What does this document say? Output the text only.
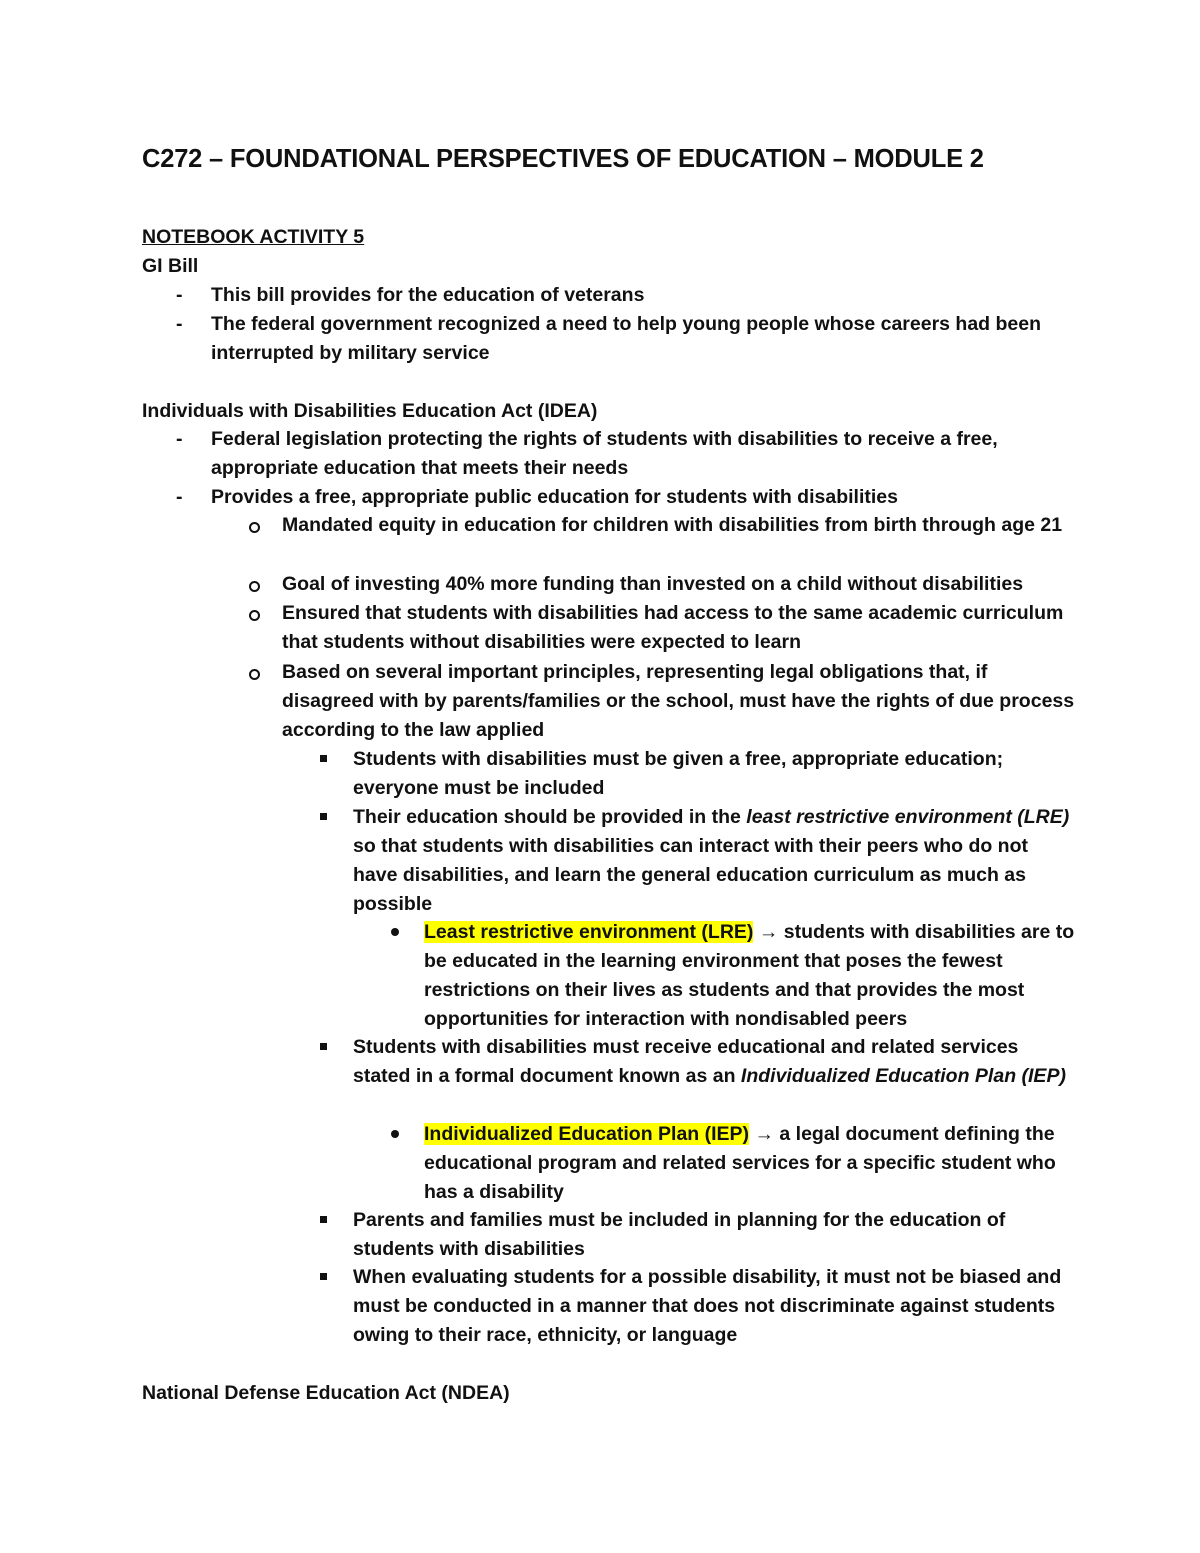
C272 – FOUNDATIONAL PERSPECTIVES OF EDUCATION – MODULE 2
NOTEBOOK ACTIVITY 5
GI Bill
- This bill provides for the education of veterans
- The federal government recognized a need to help young people whose careers had been interrupted by military service
Individuals with Disabilities Education Act (IDEA)
- Federal legislation protecting the rights of students with disabilities to receive a free, appropriate education that meets their needs
- Provides a free, appropriate public education for students with disabilities
Mandated equity in education for children with disabilities from birth through age 21
Goal of investing 40% more funding than invested on a child without disabilities
Ensured that students with disabilities had access to the same academic curriculum that students without disabilities were expected to learn
Based on several important principles, representing legal obligations that, if disagreed with by parents/families or the school, must have the rights of due process according to the law applied
Students with disabilities must be given a free, appropriate education; everyone must be included
Their education should be provided in the least restrictive environment (LRE) so that students with disabilities can interact with their peers who do not have disabilities, and learn the general education curriculum as much as possible
Least restrictive environment (LRE) → students with disabilities are to be educated in the learning environment that poses the fewest restrictions on their lives as students and that provides the most opportunities for interaction with nondisabled peers
Students with disabilities must receive educational and related services stated in a formal document known as an Individualized Education Plan (IEP)
Individualized Education Plan (IEP) → a legal document defining the educational program and related services for a specific student who has a disability
Parents and families must be included in planning for the education of students with disabilities
When evaluating students for a possible disability, it must not be biased and must be conducted in a manner that does not discriminate against students owing to their race, ethnicity, or language
National Defense Education Act (NDEA)
